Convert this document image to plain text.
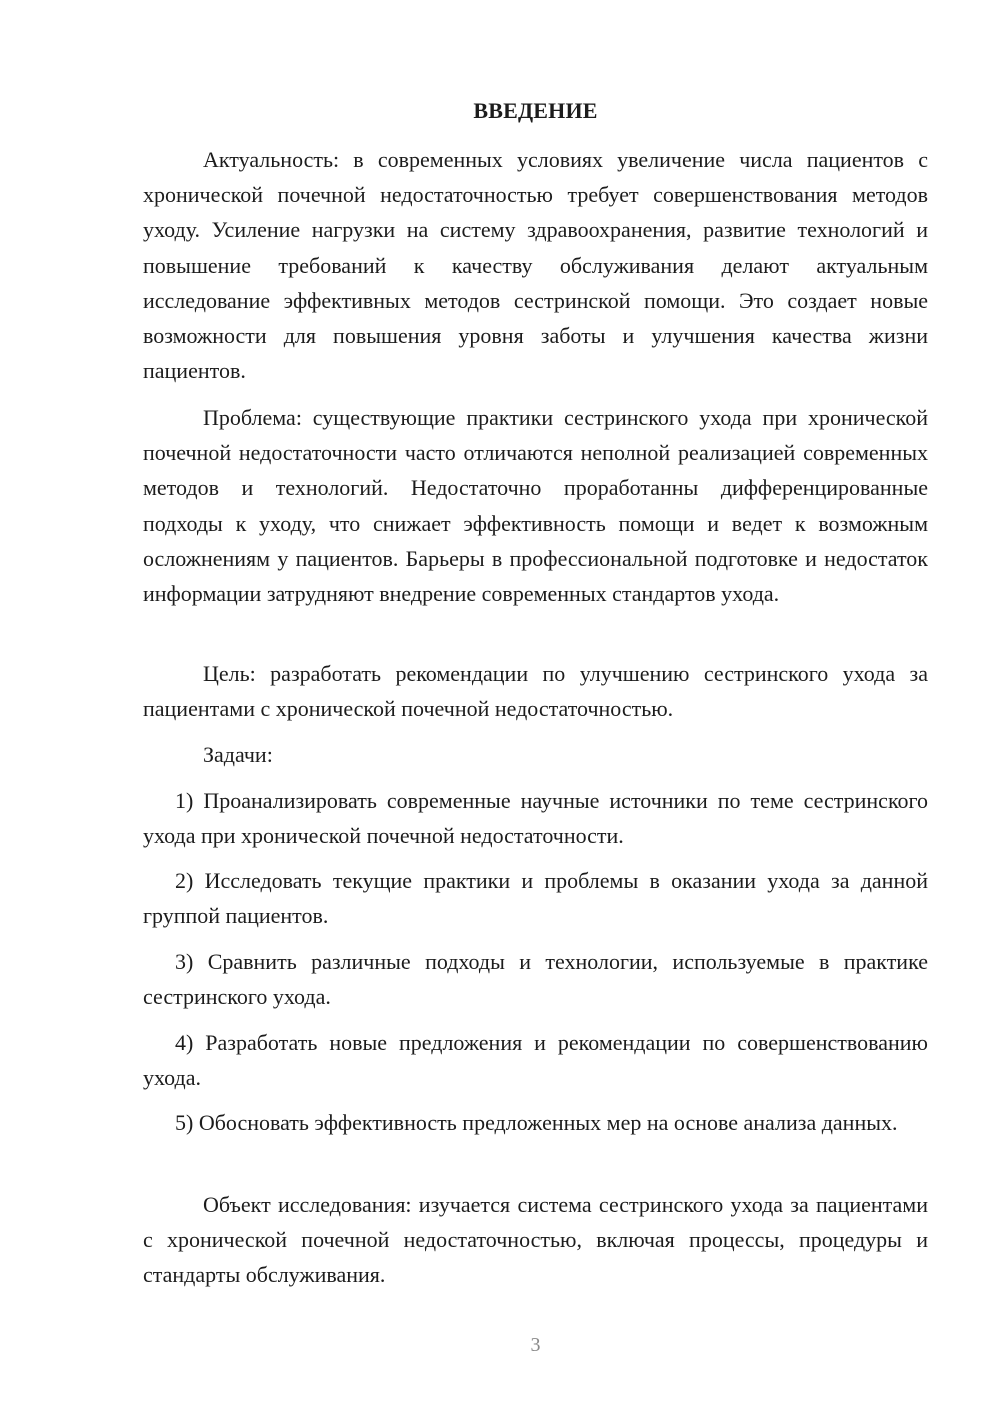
ВВЕДЕНИЕ

Актуальность: в современных условиях увеличение числа пациентов с хронической почечной недостаточностью требует совершенствования методов уходу. Усиление нагрузки на систему здравоохранения, развитие технологий и повышение требований к качеству обслуживания делают актуальным исследование эффективных методов сестринской помощи. Это создает новые возможности для повышения уровня заботы и улучшения качества жизни пациентов.

Проблема: существующие практики сестринского ухода при хронической почечной недостаточности часто отличаются неполной реализацией современных методов и технологий. Недостаточно проработанны дифференцированные подходы к уходу, что снижает эффективность помощи и ведет к возможным осложнениям у пациентов. Барьеры в профессиональной подготовке и недостаток информации затрудняют внедрение современных стандартов ухода.

Цель: разработать рекомендации по улучшению сестринского ухода за пациентами с хронической почечной недостаточностью.

Задачи:

1) Проанализировать современные научные источники по теме сестринского ухода при хронической почечной недостаточности.

2) Исследовать текущие практики и проблемы в оказании ухода за данной группой пациентов.

3) Сравнить различные подходы и технологии, используемые в практике сестринского ухода.

4) Разработать новые предложения и рекомендации по совершенствованию ухода.

5) Обосновать эффективность предложенных мер на основе анализа данных.

Объект исследования: изучается система сестринского ухода за пациентами с хронической почечной недостаточностью, включая процессы, процедуры и стандарты обслуживания.

3
